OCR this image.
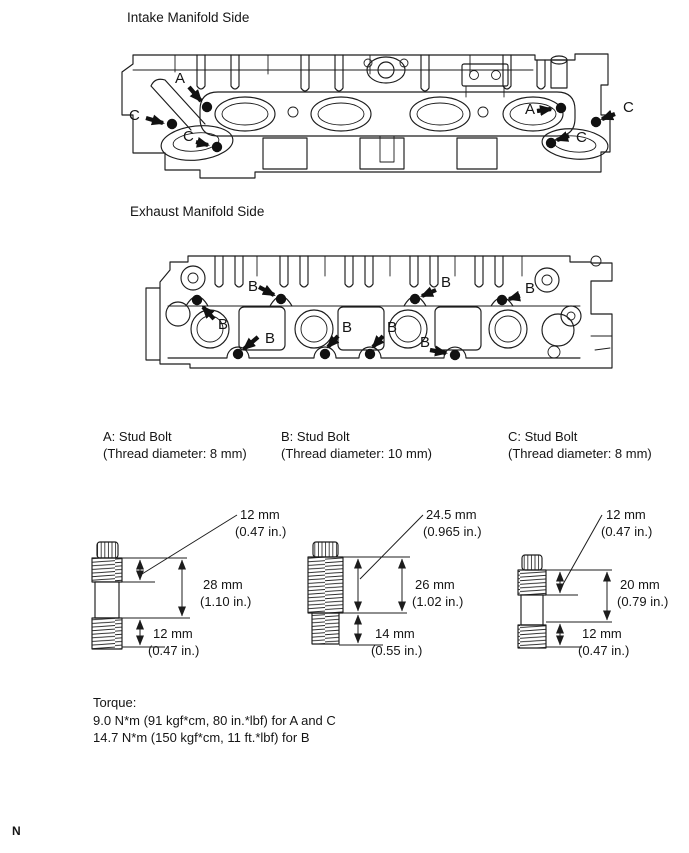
Intake Manifold Side
Exhaust Manifold Side
A
C
C
A	C
C
B
B
B
B B
B	B
B
A: Stud Bolt
(Thread diameter: 8 mm)
B: Stud Bolt
(Thread diameter: 10 mm)
C: Stud Bolt
(Thread diameter: 8 mm)
12 mm
(0.47 in.)
28 mm
(1.10 in.)
12 mm
(0.47 in.)
24.5 mm
(0.965 in.)
26 mm
(1.02 in.)
14 mm
(0.55 in.)
12 mm
(0.47 in.)
20 mm
(0.79 in.)
12 mm
(0.47 in.)
Torque:
9.0 N*m (91 kgf*cm, 80 in.*lbf) for A and C
14.7 N*m (150 kgf*cm, 11 ft.*lbf) for B
N
